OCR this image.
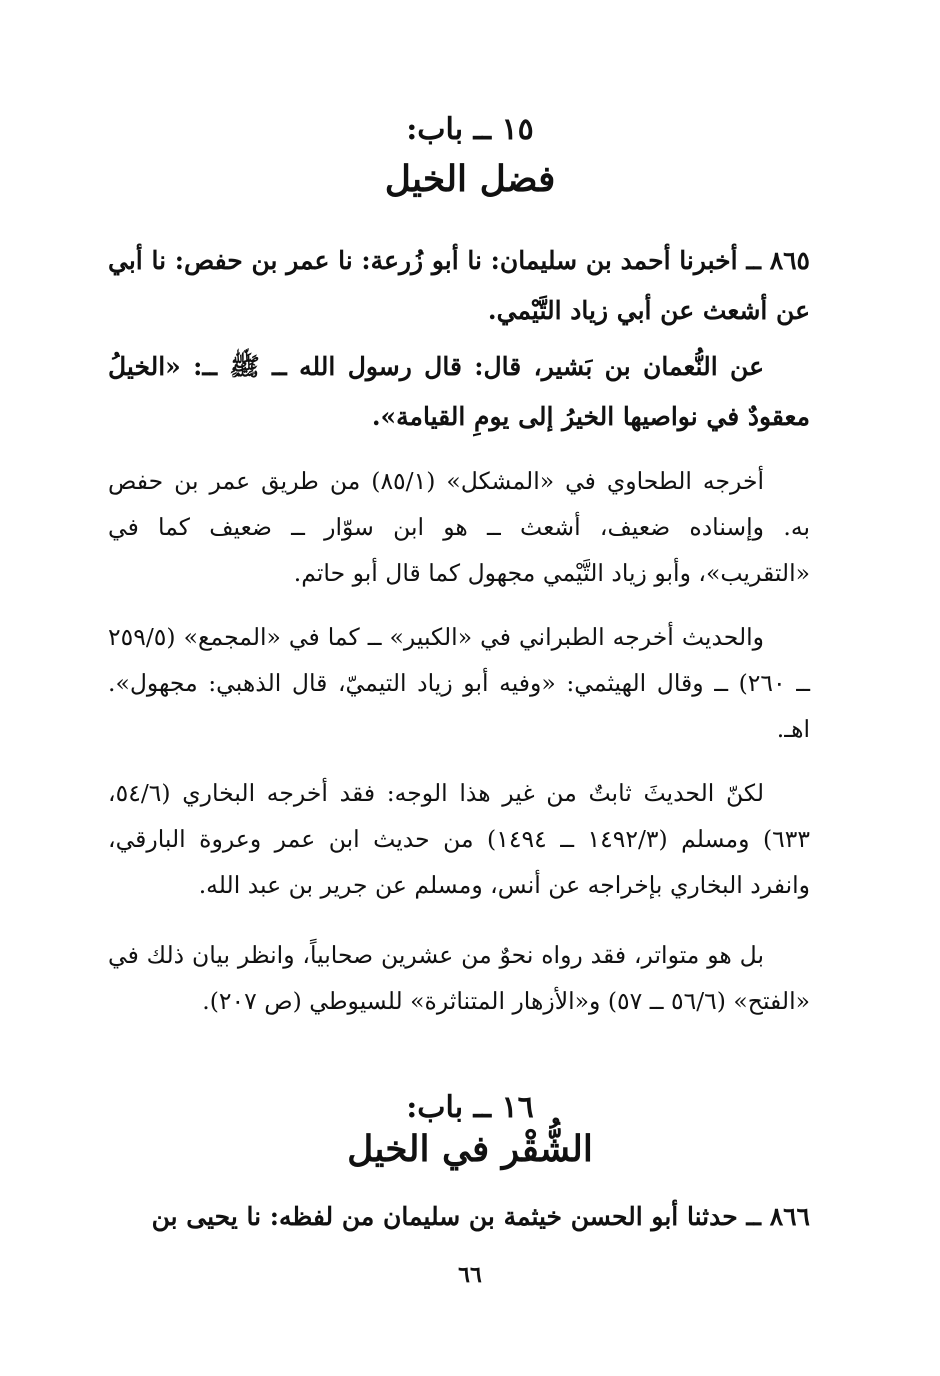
١٥ ــ باب:
فضل الخيل
٨٦٥ ــ أخبرنا أحمد بن سليمان: نا أبو زُرعة: نا عمر بن حفص: نا أبي عن أشعث عن أبي زياد التَّيْمي.
عن النُّعمان بن بَشير، قال: قال رسول الله ــ ﷺ ــ: «الخيلُ معقودٌ في نواصيها الخيرُ إلى يومِ القيامة».
أخرجه الطحاوي في «المشكل» (٨٥/١) من طريق عمر بن حفص به.
وإسناده ضعيف، أشعث ــ هو ابن سوّار ــ ضعيف كما في «التقريب»، وأبو زياد التَّيْمي مجهول كما قال أبو حاتم.
والحديث أخرجه الطبراني في «الكبير» ــ كما في «المجمع» (٢٥٩/٥ ــ ٢٦٠) ــ وقال الهيثمي: «وفيه أبو زياد التيميّ، قال الذهبي: مجهول». اهـ.
لكنّ الحديثَ ثابتٌ من غير هذا الوجه: فقد أخرجه البخاري (٥٤/٦، ٦٣٣) ومسلم (١٤٩٢/٣ ــ ١٤٩٤) من حديث ابن عمر وعروة البارقي، وانفرد البخاري بإخراجه عن أنس، ومسلم عن جرير بن عبد الله.
بل هو متواتر، فقد رواه نحوٌ من عشرين صحابياً، وانظر بيان ذلك في «الفتح» (٥٦/٦ ــ ٥٧) و«الأزهار المتناثرة» للسيوطي (ص ٢٠٧).
١٦ ــ باب:
الشُّقْر في الخيل
٨٦٦ ــ حدثنا أبو الحسن خيثمة بن سليمان من لفظه: نا يحيى بن
٦٦
